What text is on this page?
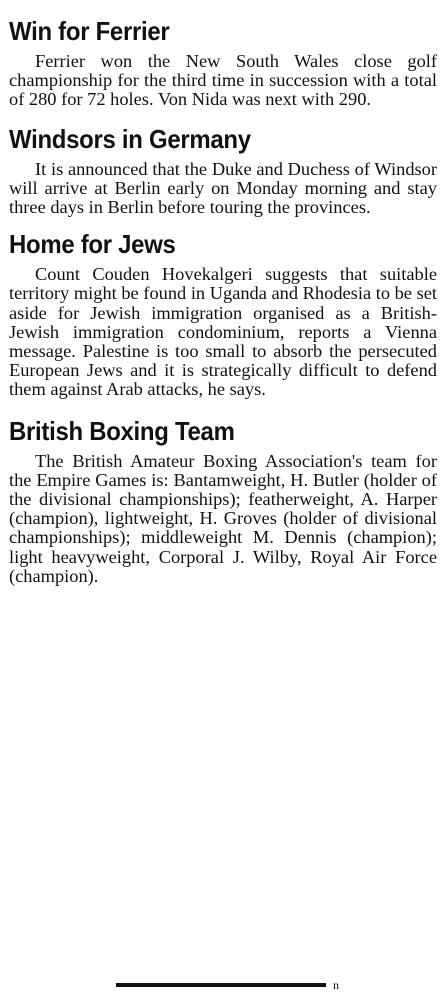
Win for Ferrier

Ferrier won the New South Wales close golf championship for the third time in succession with a total of 280 for 72 holes. Von Nida was next with 290.

Windsors in Germany

It is announced that the Duke and Duchess of Windsor will arrive at Berlin early on Monday morning and stay three days in Berlin before touring the provinces.

Home for Jews

Count Couden Hovekalgeri suggests that suitable territory might be found in Uganda and Rhodesia to be set aside for Jewish immigration organised as a British-Jewish immigration condominium, reports a Vienna message. Palestine is too small to absorb the persecuted European Jews and it is strategically difficult to defend them against Arab attacks, he says.

British Boxing Team

The British Amateur Boxing Association's team for the Empire Games is: Bantamweight, H. Butler (holder of the divisional championships); featherweight, A. Harper (champion), lightweight, H. Groves (holder of divisional championships); middleweight M. Dennis (champion); light heavyweight, Corporal J. Wilby, Royal Air Force (champion).

n
